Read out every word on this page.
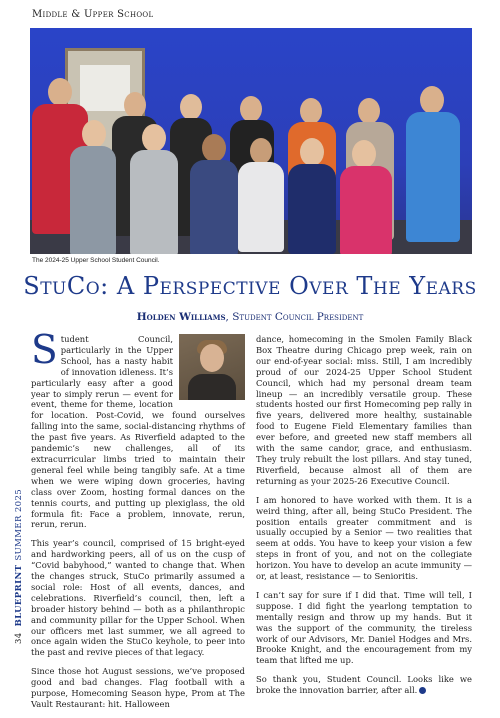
Middle & Upper School
The 2024-25 Upper School Student Council.
StuCo: A Perspective Over The Years
Holden Williams, Student Council President

Student Council, particularly in the Upper School, has a nasty habit of innovation idleness. It’s particularly easy after a good year to simply rerun — event for event, theme for theme, location for location. Post-Covid, we found ourselves falling into the same, social-distancing rhythms of the past five years. As Riverfield adapted to the pandemic’s new challenges, all of its extracurricular limbs tried to maintain their general feel while being tangibly safe. At a time when we were wiping down groceries, having class over Zoom, hosting formal dances on the tennis courts, and putting up plexiglass, the old formula fit: Face a problem, innovate, rerun, rerun, rerun.

This year’s council, comprised of 15 bright-eyed and hardworking peers, all of us on the cusp of “Covid babyhood,” wanted to change that. When the changes struck, StuCo primarily assumed a social role: Host of all events, dances, and celebrations. Riverfield’s council, then, left a broader history behind — both as a philanthropic and community pillar for the Upper School. When our officers met last summer, we all agreed to once again widen the StuCo keyhole, to peer into the past and revive pieces of that legacy.

Since those hot August sessions, we’ve proposed good and bad changes. Flag football with a purpose, Homecoming Season hype, Prom at The Vault Restaurant: hit. Halloween

dance, homecoming in the Smolen Family Black Box Theatre during Chicago prep week, rain on our end-of-year social: miss. Still, I am incredibly proud of our 2024-25 Upper School Student Council, which had my personal dream team lineup — an incredibly versatile group. These students hosted our first Homecoming pep rally in five years, delivered more healthy, sustainable food to Eugene Field Elementary families than ever before, and greeted new staff members all with the same candor, grace, and enthusiasm. They truly rebuilt the lost pillars. And stay tuned, Riverfield, because almost all of them are returning as your 2025-26 Executive Council.

I am honored to have worked with them. It is a weird thing, after all, being StuCo President. The position entails greater commitment and is usually occupied by a Senior — two realities that seem at odds. You have to keep your vision a few steps in front of you, and not on the collegiate horizon. You have to develop an acute immunity — or, at least, resistance — to Senioritis.

I can’t say for sure if I did that. Time will tell, I suppose. I did fight the yearlong temptation to mentally resign and throw up my hands. But it was the support of the community, the tireless work of our Advisors, Mr. Daniel Hodges and Mrs. Brooke Knight, and the encouragement from my team that lifted me up.

So thank you, Student Council. Looks like we broke the innovation barrier, after all.

34BLUEPRINTSUMMER 2025
